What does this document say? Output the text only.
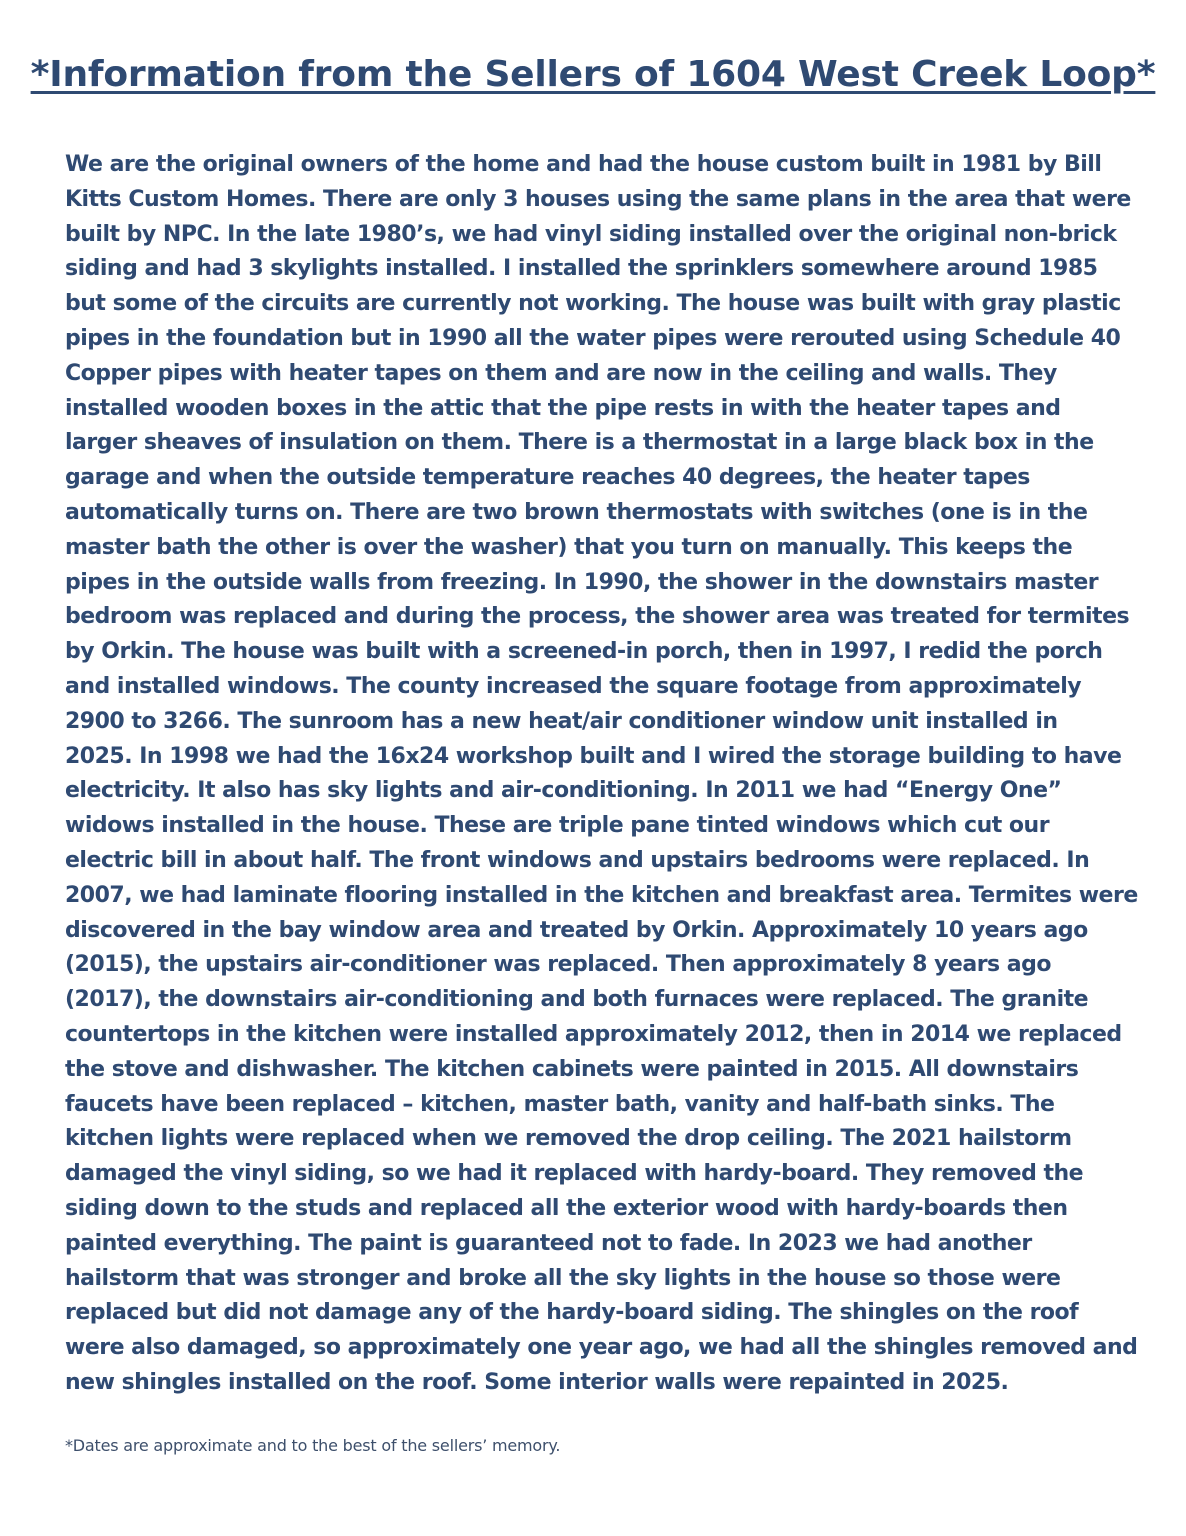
*Information from the Sellers of 1604 West Creek Loop*
We are the original owners of the home and had the house custom built in 1981 by Bill
Kitts Custom Homes. There are only 3 houses using the same plans in the area that were
built by NPC. In the late 1980’s, we had vinyl siding installed over the original non-brick
siding and had 3 skylights installed. I installed the sprinklers somewhere around 1985
but some of the circuits are currently not working. The house was built with gray plastic
pipes in the foundation but in 1990 all the water pipes were rerouted using Schedule 40
Copper pipes with heater tapes on them and are now in the ceiling and walls. They
installed wooden boxes in the attic that the pipe rests in with the heater tapes and
larger sheaves of insulation on them. There is a thermostat in a large black box in the
garage and when the outside temperature reaches 40 degrees, the heater tapes
automatically turns on. There are two brown thermostats with switches (one is in the
master bath the other is over the washer) that you turn on manually. This keeps the
pipes in the outside walls from freezing. In 1990, the shower in the downstairs master
bedroom was replaced and during the process, the shower area was treated for termites
by Orkin. The house was built with a screened-in porch, then in 1997, I redid the porch
and installed windows. The county increased the square footage from approximately
2900 to 3266. The sunroom has a new heat/air conditioner window unit installed in
2025. In 1998 we had the 16x24 workshop built and I wired the storage building to have
electricity. It also has sky lights and air-conditioning. In 2011 we had “Energy One”
widows installed in the house. These are triple pane tinted windows which cut our
electric bill in about half. The front windows and upstairs bedrooms were replaced. In
2007, we had laminate flooring installed in the kitchen and breakfast area. Termites were
discovered in the bay window area and treated by Orkin. Approximately 10 years ago
(2015), the upstairs air-conditioner was replaced. Then approximately 8 years ago
(2017), the downstairs air-conditioning and both furnaces were replaced. The granite
countertops in the kitchen were installed approximately 2012, then in 2014 we replaced
the stove and dishwasher. The kitchen cabinets were painted in 2015. All downstairs
faucets have been replaced – kitchen, master bath, vanity and half-bath sinks. The
kitchen lights were replaced when we removed the drop ceiling. The 2021 hailstorm
damaged the vinyl siding, so we had it replaced with hardy-board. They removed the
siding down to the studs and replaced all the exterior wood with hardy-boards then
painted everything. The paint is guaranteed not to fade. In 2023 we had another
hailstorm that was stronger and broke all the sky lights in the house so those were
replaced but did not damage any of the hardy-board siding. The shingles on the roof
were also damaged, so approximately one year ago, we had all the shingles removed and
new shingles installed on the roof. Some interior walls were repainted in 2025.

*Dates are approximate and to the best of the sellers’ memory.
